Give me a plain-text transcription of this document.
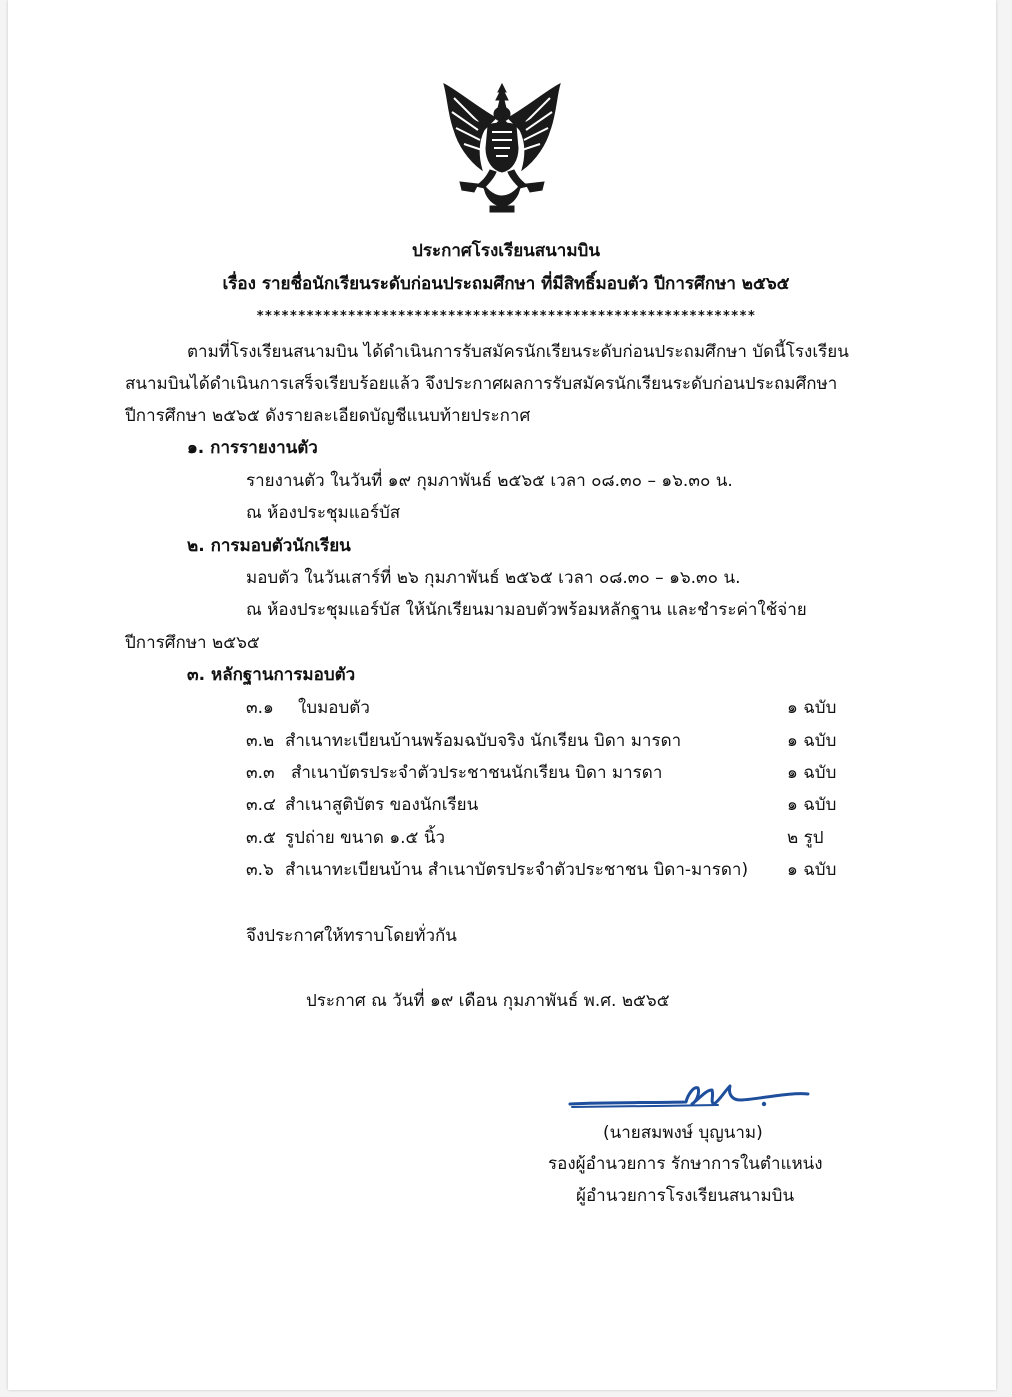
ประกาศโรงเรียนสนามบิน
เรื่อง รายชื่อนักเรียนระดับก่อนประถมศึกษา ที่มีสิทธิ์มอบตัว ปีการศึกษา ๒๕๖๕
************************************************************
ตามที่โรงเรียนสนามบิน ได้ดำเนินการรับสมัครนักเรียนระดับก่อนประถมศึกษา บัดนี้โรงเรียน
สนามบินได้ดำเนินการเสร็จเรียบร้อยแล้ว จึงประกาศผลการรับสมัครนักเรียนระดับก่อนประถมศึกษา
ปีการศึกษา ๒๕๖๕ ดังรายละเอียดบัญชีแนบท้ายประกาศ
๑. การรายงานตัว
รายงานตัว ในวันที่ ๑๙ กุมภาพันธ์ ๒๕๖๕ เวลา ๐๘.๓๐ – ๑๖.๓๐ น.
ณ ห้องประชุมแอร์บัส
๒. การมอบตัวนักเรียน
มอบตัว ในวันเสาร์ที่ ๒๖ กุมภาพันธ์ ๒๕๖๕ เวลา ๐๘.๓๐ – ๑๖.๓๐ น.
ณ ห้องประชุมแอร์บัส ให้นักเรียนมามอบตัวพร้อมหลักฐาน และชำระค่าใช้จ่าย
ปีการศึกษา ๒๕๖๕
๓. หลักฐานการมอบตัว
๓.๑ ใบมอบตัว	๑ ฉบับ
๓.๒ สำเนาทะเบียนบ้านพร้อมฉบับจริง นักเรียน บิดา มารดา	๑ ฉบับ
๓.๓ สำเนาบัตรประจำตัวประชาชนนักเรียน บิดา มารดา	๑ ฉบับ
๓.๔ สำเนาสูติบัตร ของนักเรียน	๑ ฉบับ
๓.๕ รูปถ่าย ขนาด ๑.๕ นิ้ว	๒ รูป
๓.๖ สำเนาทะเบียนบ้าน สำเนาบัตรประจำตัวประชาชน บิดา-มารดา) ๑ ฉบับ
จึงประกาศให้ทราบโดยทั่วกัน
ประกาศ ณ วันที่ ๑๙ เดือน กุมภาพันธ์ พ.ศ. ๒๕๖๕
(นายสมพงษ์ บุญนาม)
รองผู้อำนวยการ รักษาการในตำแหน่ง
ผู้อำนวยการโรงเรียนสนามบิน
